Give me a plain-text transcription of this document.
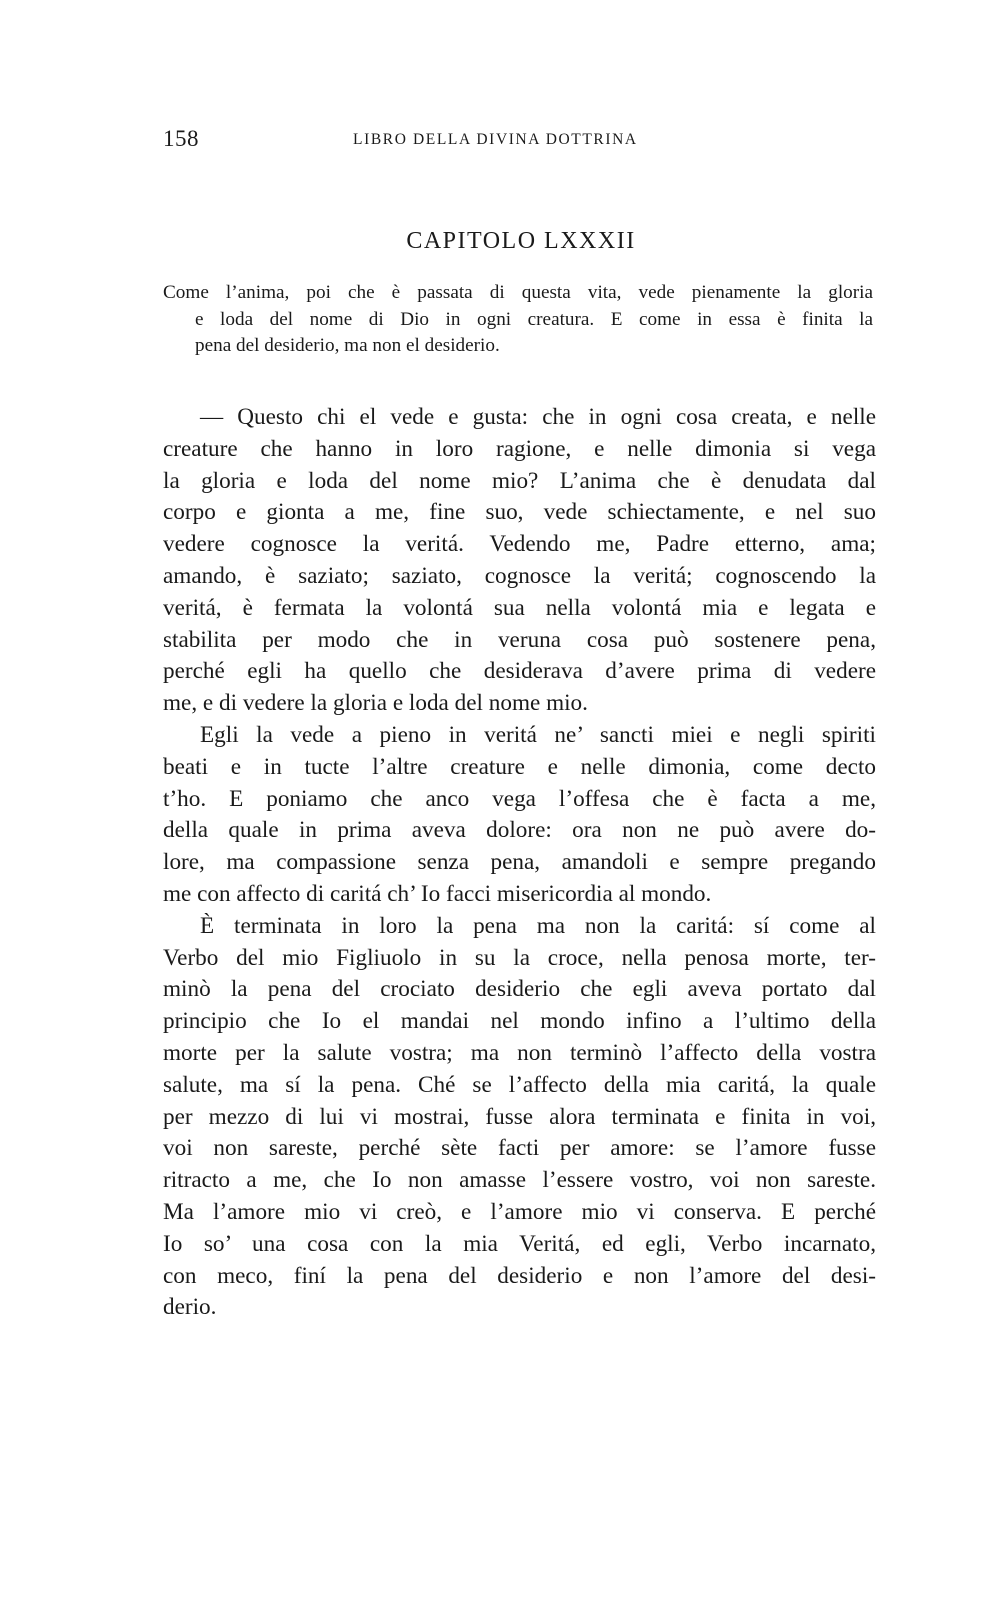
158	LIBRO DELLA DIVINA DOTTRINA
CAPITOLO LXXXII
Come l’anima, poi che è passata di questa vita, vede pienamente la gloria
e loda del nome di Dio in ogni creatura. E come in essa è finita la
pena del desiderio, ma non el desiderio.
— Questo chi el vede e gusta: che in ogni cosa creata, e nelle
creature che hanno in loro ragione, e nelle dimonia si vega
la gloria e loda del nome mio? L’anima che è denudata dal
corpo e gionta a me, fine suo, vede schiectamente, e nel suo
vedere cognosce la veritá. Vedendo me, Padre etterno, ama;
amando, è saziato; saziato, cognosce la veritá; cognoscendo la
veritá, è fermata la volontá sua nella volontá mia e legata e
stabilita per modo che in veruna cosa può sostenere pena,
perché egli ha quello che desiderava d’avere prima di vedere
me, e di vedere la gloria e loda del nome mio.
Egli la vede a pieno in veritá ne’ sancti miei e negli spiriti
beati e in tucte l’altre creature e nelle dimonia, come decto
t’ho. E poniamo che anco vega l’offesa che è facta a me,
della quale in prima aveva dolore: ora non ne può avere do-
lore, ma compassione senza pena, amandoli e sempre pregando
me con affecto di caritá ch’ Io facci misericordia al mondo.
È terminata in loro la pena ma non la caritá: sí come al
Verbo del mio Figliuolo in su la croce, nella penosa morte, ter-
minò la pena del crociato desiderio che egli aveva portato dal
principio che Io el mandai nel mondo infino a l’ultimo della
morte per la salute vostra; ma non terminò l’affecto della vostra
salute, ma sí la pena. Ché se l’affecto della mia caritá, la quale
per mezzo di lui vi mostrai, fusse alora terminata e finita in voi,
voi non sareste, perché sète facti per amore: se l’amore fusse
ritracto a me, che Io non amasse l’essere vostro, voi non sareste.
Ma l’amore mio vi creò, e l’amore mio vi conserva. E perché
Io so’ una cosa con la mia Veritá, ed egli, Verbo incarnato,
con meco, finí la pena del desiderio e non l’amore del desi-
derio.
